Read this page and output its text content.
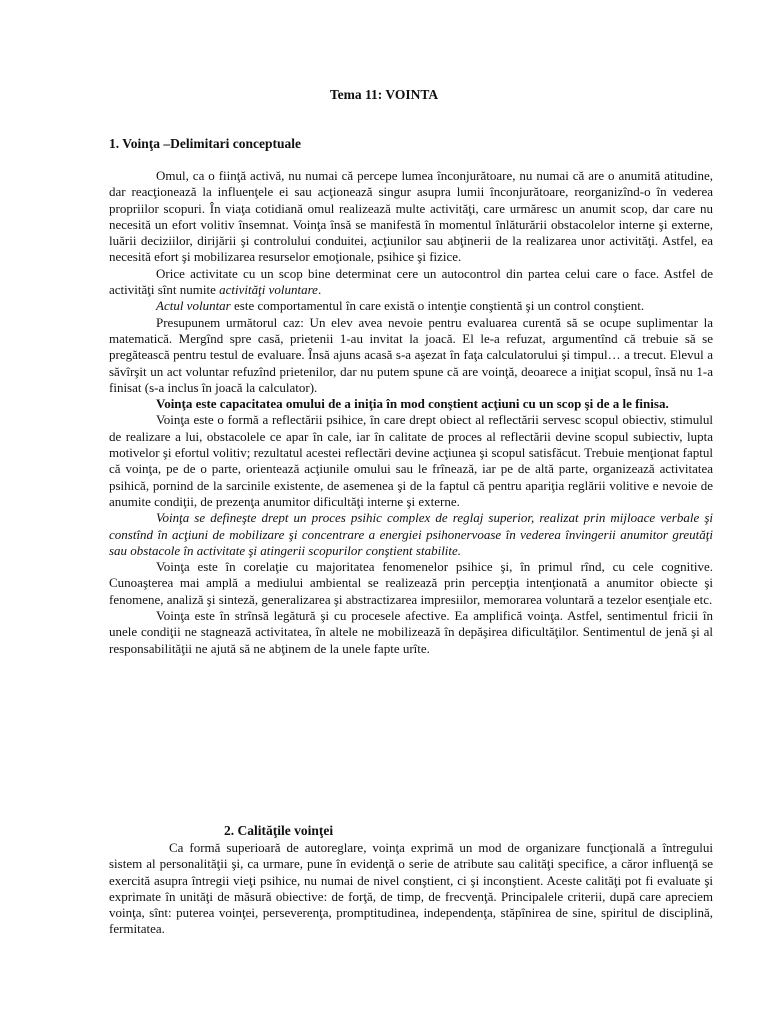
Tema 11: VOINTA
1. Voinţa –Delimitari conceptuale

Omul, ca o fiinţă activă, nu numai că percepe lumea înconjurătoare, nu numai că are o anumită atitudine, dar reacţionează la influenţele ei sau acţionează singur asupra lumii înconjurătoare, reorganizînd-o în vederea propriilor scopuri. În viaţa cotidiană omul realizează multe activităţi, care urmăresc un anumit scop, dar care nu necesită un efort volitiv însemnat. Voinţa însă se manifestă în momentul înlăturării obstacolelor interne şi externe, luării deciziilor, dirijării şi controlului conduitei, acţiunilor sau abţinerii de la realizarea unor activităţi. Astfel, ea necesită efort şi mobilizarea resurselor emoţionale, psihice şi fizice.

Orice activitate cu un scop bine determinat cere un autocontrol din partea celui care o face. Astfel de activităţi sînt numite activităţi voluntare.

Actul voluntar este comportamentul în care există o intenţie conştientă şi un control conştient.

Presupunem următorul caz: Un elev avea nevoie pentru evaluarea curentă să se ocupe suplimentar la matematică. Mergînd spre casă, prietenii 1-au invitat la joacă. El le-a refuzat, argumentînd că trebuie să se pregătească pentru testul de evaluare. Însă ajuns acasă s-a aşezat în faţa calculatorului şi timpul… a trecut. Elevul a săvîrşit un act voluntar refuzînd prietenilor, dar nu putem spune că are voinţă, deoarece a iniţiat scopul, însă nu 1-a finisat (s-a inclus în joacă la calculator).

Voinţa este capacitatea omului de a iniţia în mod conştient acţiuni cu un scop şi de a le finisa.

Voinţa este o formă a reflectării psihice, în care drept obiect al reflectării servesc scopul obiectiv, stimulul de realizare a lui, obstacolele ce apar în cale, iar în calitate de proces al reflectării devine scopul subiectiv, lupta motivelor şi efortul volitiv; rezultatul acestei reflectări devine acţiunea şi scopul satisfăcut. Trebuie menţionat faptul că voinţa, pe de o parte, orientează acţiunile omului sau le frînează, iar pe de altă parte, organizează activitatea psihică, pornind de la sarcinile existente, de asemenea şi de la faptul că pentru apariţia reglării volitive e nevoie de anumite condiţii, de prezenţa anumitor dificultăţi interne şi externe.

Voinţa se defineşte drept un proces psihic complex de reglaj superior, realizat prin mijloace verbale şi constînd în acţiuni de mobilizare şi concentrare a energiei psihonervoase în vederea învingerii anumitor greutăţi sau obstacole în activitate şi atingerii scopurilor conştient stabilite.

Voinţa este în corelaţie cu majoritatea fenomenelor psihice şi, în primul rînd, cu cele cognitive. Cunoaşterea mai amplă a mediului ambiental se realizează prin percepţia intenţionată a anumitor obiecte şi fenomene, analiză şi sinteză, generalizarea şi abstractizarea impresiilor, memorarea voluntară a tezelor esenţiale etc.

Voinţa este în strînsă legătură şi cu procesele afective. Ea amplifică voinţa. Astfel, sentimentul fricii în unele condiţii ne stagnează activitatea, în altele ne mobilizează în depăşirea dificultăţilor. Sentimentul de jenă şi al responsabilităţii ne ajută să ne abţinem de la unele fapte urîte.

2. Calităţile voinţei

Ca formă superioară de autoreglare, voinţa exprimă un mod de organizare funcţională a întregului sistem al personalităţii şi, ca urmare, pune în evidenţă o serie de atribute sau calităţi specifice, a căror influenţă se exercită asupra întregii vieţi psihice, nu numai de nivel conştient, ci şi inconştient. Aceste calităţi pot fi evaluate şi exprimate în unităţi de măsură obiective: de forţă, de timp, de frecvenţă. Principalele criterii, după care apreciem voinţa, sînt: puterea voinţei, perseverenţa, promptitudinea, independenţa, stăpînirea de sine, spiritul de disciplină, fermitatea.
